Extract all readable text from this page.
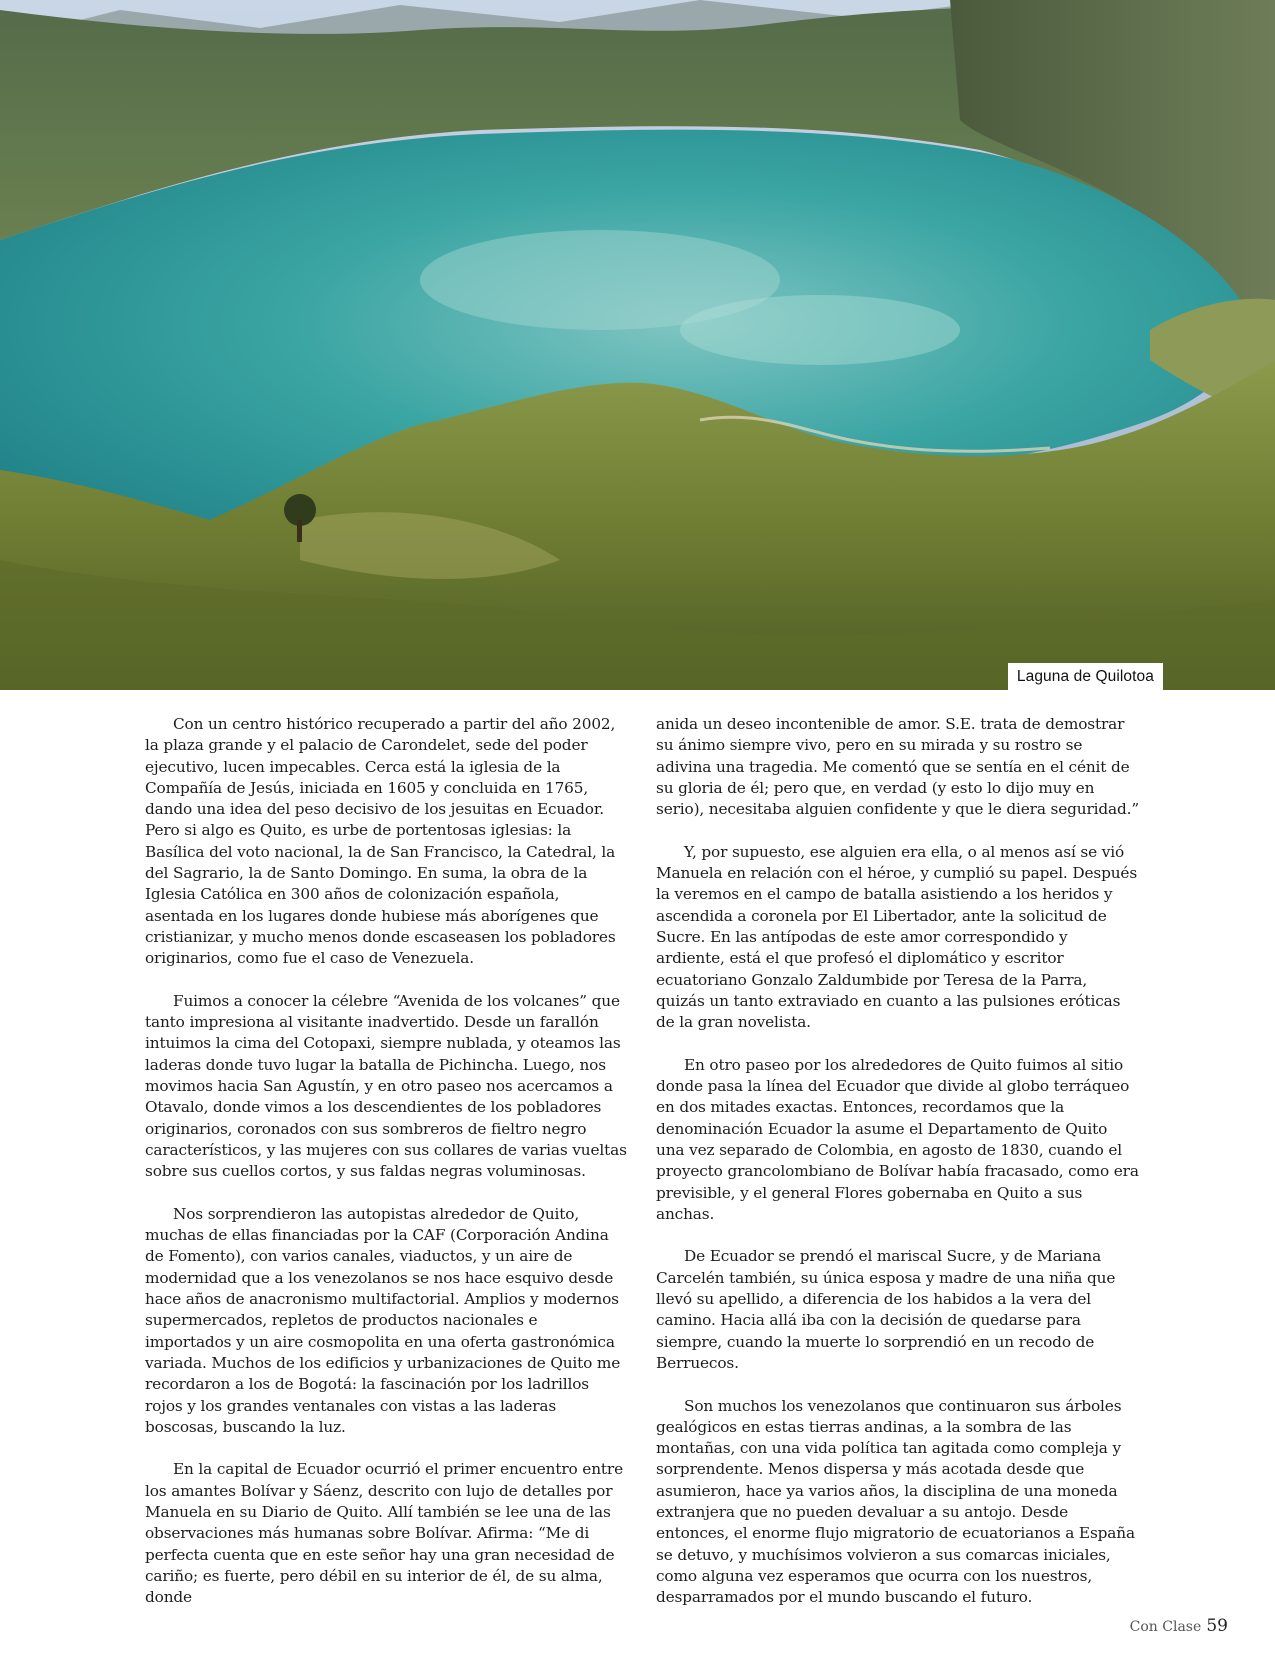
Laguna de Quilotoa

Con un centro histórico recuperado a partir del año 2002, la plaza grande y el palacio de Carondelet, sede del poder ejecutivo, lucen impecables. Cerca está la iglesia de la Compañía de Jesús, iniciada en 1605 y concluida en 1765, dando una idea del peso decisivo de los jesuitas en Ecuador. Pero si algo es Quito, es urbe de portentosas iglesias: la Basílica del voto nacional, la de San Francisco, la Catedral, la del Sagrario, la de Santo Domingo. En suma, la obra de la Iglesia Católica en 300 años de colonización española, asentada en los lugares donde hubiese más aborígenes que cristianizar, y mucho menos donde escaseasen los pobladores originarios, como fue el caso de Venezuela.

Fuimos a conocer la célebre “Avenida de los volcanes” que tanto impresiona al visitante inadvertido. Desde un farallón intuimos la cima del Cotopaxi, siempre nublada, y oteamos las laderas donde tuvo lugar la batalla de Pichincha. Luego, nos movimos hacia San Agustín, y en otro paseo nos acercamos a Otavalo, donde vimos a los descendientes de los pobladores originarios, coronados con sus sombreros de fieltro negro característicos, y las mujeres con sus collares de varias vueltas sobre sus cuellos cortos, y sus faldas negras voluminosas.

Nos sorprendieron las autopistas alrededor de Quito, muchas de ellas financiadas por la CAF (Corporación Andina de Fomento), con varios canales, viaductos, y un aire de modernidad que a los venezolanos se nos hace esquivo desde hace años de anacronismo multifactorial. Amplios y modernos supermercados, repletos de productos nacionales e importados y un aire cosmopolita en una oferta gastronómica variada. Muchos de los edificios y urbanizaciones de Quito me recordaron a los de Bogotá: la fascinación por los ladrillos rojos y los grandes ventanales con vistas a las laderas boscosas, buscando la luz.

En la capital de Ecuador ocurrió el primer encuentro entre los amantes Bolívar y Sáenz, descrito con lujo de detalles por Manuela en su Diario de Quito. Allí también se lee una de las observaciones más humanas sobre Bolívar. Afirma: “Me di perfecta cuenta que en este señor hay una gran necesidad de cariño; es fuerte, pero débil en su interior de él, de su alma, donde

anida un deseo incontenible de amor. S.E. trata de demostrar su ánimo siempre vivo, pero en su mirada y su rostro se adivina una tragedia. Me comentó que se sentía en el cénit de su gloria de él; pero que, en verdad (y esto lo dijo muy en serio), necesitaba alguien confidente y que le diera seguridad.”

Y, por supuesto, ese alguien era ella, o al menos así se vió Manuela en relación con el héroe, y cumplió su papel. Después la veremos en el campo de batalla asistiendo a los heridos y ascendida a coronela por El Libertador, ante la solicitud de Sucre. En las antípodas de este amor correspondido y ardiente, está el que profesó el diplomático y escritor ecuatoriano Gonzalo Zaldumbide por Teresa de la Parra, quizás un tanto extraviado en cuanto a las pulsiones eróticas de la gran novelista.

En otro paseo por los alrededores de Quito fuimos al sitio donde pasa la línea del Ecuador que divide al globo terráqueo en dos mitades exactas. Entonces, recordamos que la denominación Ecuador la asume el Departamento de Quito una vez separado de Colombia, en agosto de 1830, cuando el proyecto grancolombiano de Bolívar había fracasado, como era previsible, y el general Flores gobernaba en Quito a sus anchas.

De Ecuador se prendó el mariscal Sucre, y de Mariana Carcelén también, su única esposa y madre de una niña que llevó su apellido, a diferencia de los habidos a la vera del camino. Hacia allá iba con la decisión de quedarse para siempre, cuando la muerte lo sorprendió en un recodo de Berruecos.

Son muchos los venezolanos que continuaron sus árboles gealógicos en estas tierras andinas, a la sombra de las montañas, con una vida política tan agitada como compleja y sorprendente. Menos dispersa y más acotada desde que asumieron, hace ya varios años, la disciplina de una moneda extranjera que no pueden devaluar a su antojo. Desde entonces, el enorme flujo migratorio de ecuatorianos a España se detuvo, y muchísimos volvieron a sus comarcas iniciales, como alguna vez esperamos que ocurra con los nuestros, desparramados por el mundo buscando el futuro.

Con Clase 59
